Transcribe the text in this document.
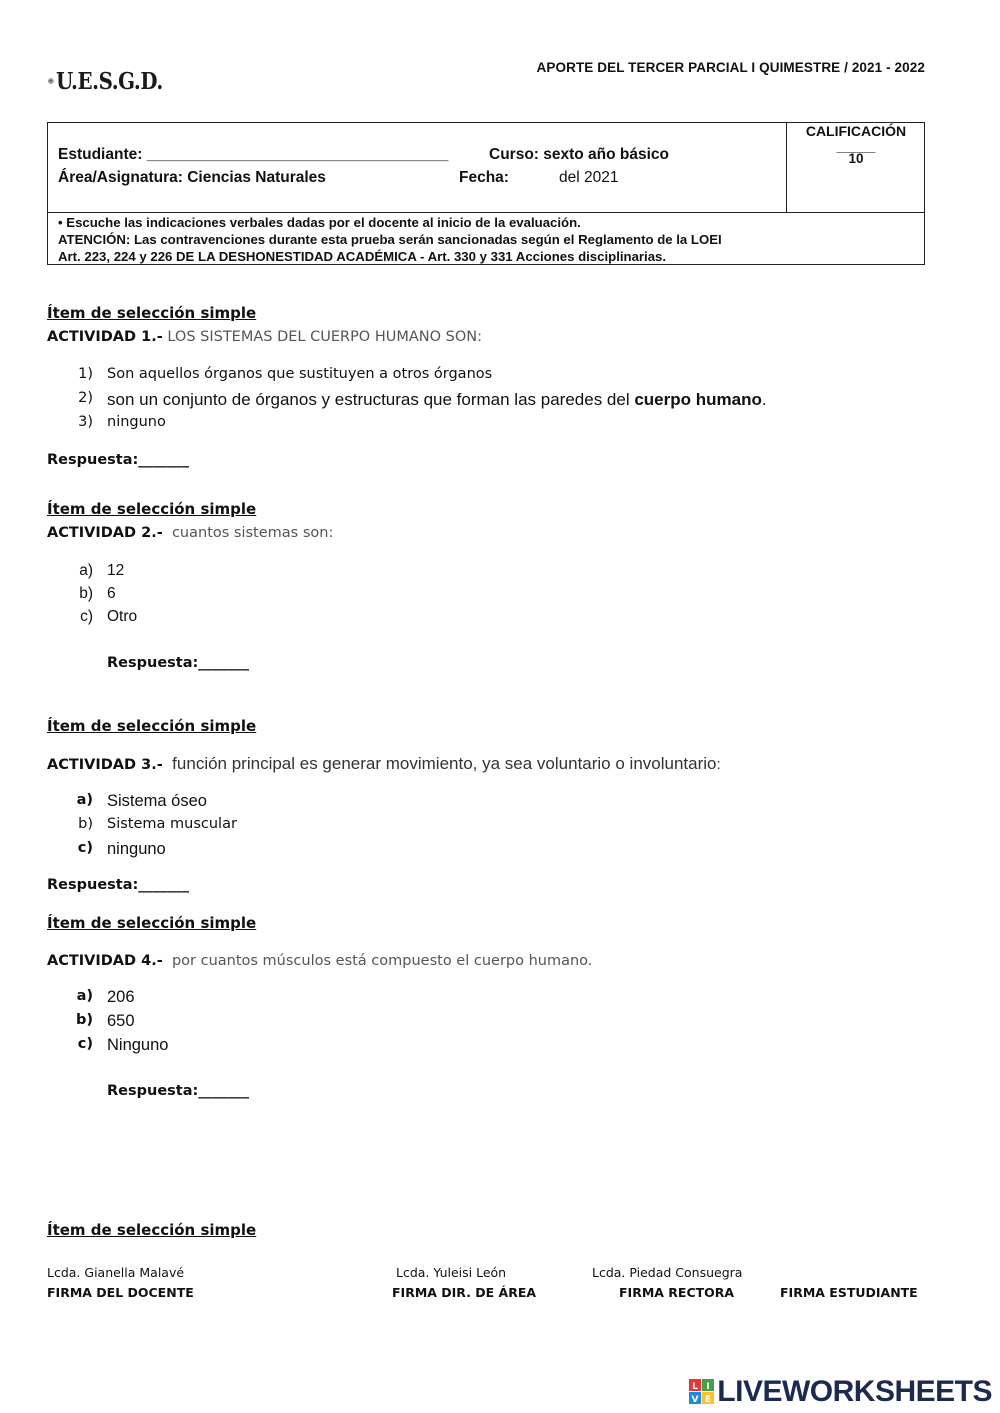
U.E.S.G.D.	APORTE DEL TERCER PARCIAL I QUIMESTRE / 2021 - 2022
Estudiante: ___________________________________	Curso: sexto año básico
Área/Asignatura: Ciencias Naturales	Fecha:	del 2021
CALIFICACIÓN
_____
10
• Escuche las indicaciones verbales dadas por el docente al inicio de la evaluación.
ATENCIÓN: Las contravenciones durante esta prueba serán sancionadas según el Reglamento de la LOEI
Art. 223, 224 y 226 DE LA DESHONESTIDAD ACADÉMICA - Art. 330 y 331 Acciones disciplinarias.
Ítem de selección simple
ACTIVIDAD 1.- LOS SISTEMAS DEL CUERPO HUMANO SON:
1) Son aquellos órganos que sustituyen a otros órganos
2) son un conjunto de órganos y estructuras que forman las paredes del cuerpo humano .
3) ninguno
Respuesta:_______
Ítem de selección simple
ACTIVIDAD 2.-  cuantos sistemas son:
a) 12
b) 6
c) Otro
Respuesta:_______
Ítem de selección simple
ACTIVIDAD 3.-  función principal es generar movimiento, ya sea voluntario o involuntario:
a) Sistema óseo
b) Sistema muscular
c) ninguno
Respuesta:_______
Ítem de selección simple
ACTIVIDAD 4.-  por cuantos músculos está compuesto el cuerpo humano.
a) 206
b) 650
c) Ninguno
Respuesta:_______
Ítem de selección simple
Lcda. Gianella Malavé
FIRMA DEL DOCENTE
Lcda. Yuleisi León
FIRMA DIR. DE ÁREA
Lcda. Piedad Consuegra
FIRMA RECTORA	FIRMA ESTUDIANTE
L I
V E LIVEWORKSHEETS
